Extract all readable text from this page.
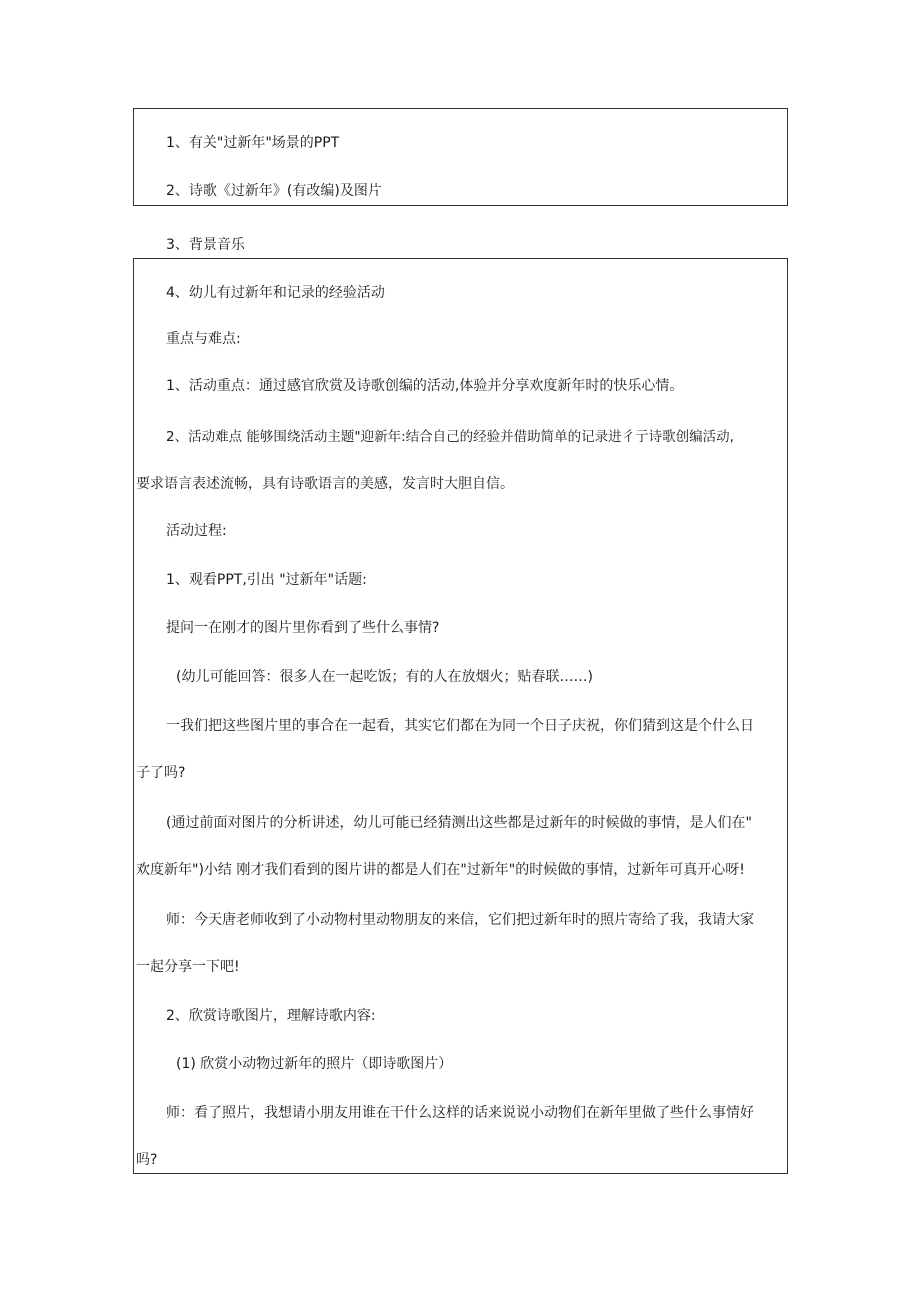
1、有关"过新年"场景的PPT

2、诗歌《过新年》(有改编)及图片

3、背景音乐

4、幼儿有过新年和记录的经验活动

重点与难点:

1、活动重点：通过感官欣赏及诗歌创编的活动,体验并分享欢度新年时的快乐心情。

2、活动难点 能够围绕活动主题"迎新年:结合自己的经验并借助简单的记录进彳亍诗歌创编活动,

要求语言表述流畅，具有诗歌语言的美感，发言时大胆自信。

活动过程:

1、观看PPT,引出 "过新年"话题:

提问一在刚才的图片里你看到了些什么事情?

(幼儿可能回答：很多人在一起吃饭；有的人在放烟火；贴春联……)

一我们把这些图片里的事合在一起看，其实它们都在为同一个日子庆祝，你们猜到这是个什么日

子了吗?

(通过前面对图片的分析讲述，幼儿可能已经猜测出这些都是过新年的时候做的事情，是人们在"

欢度新年")小结 刚才我们看到的图片讲的都是人们在"过新年"的时候做的事情，过新年可真开心呀!

师：今天唐老师收到了小动物村里动物朋友的来信，它们把过新年时的照片寄给了我，我请大家

一起分享一下吧!

2、欣赏诗歌图片，理解诗歌内容:

(1) 欣赏小动物过新年的照片（即诗歌图片）

师：看了照片，我想请小朋友用谁在干什么这样的话来说说小动物们在新年里做了些什么事情好

吗?
